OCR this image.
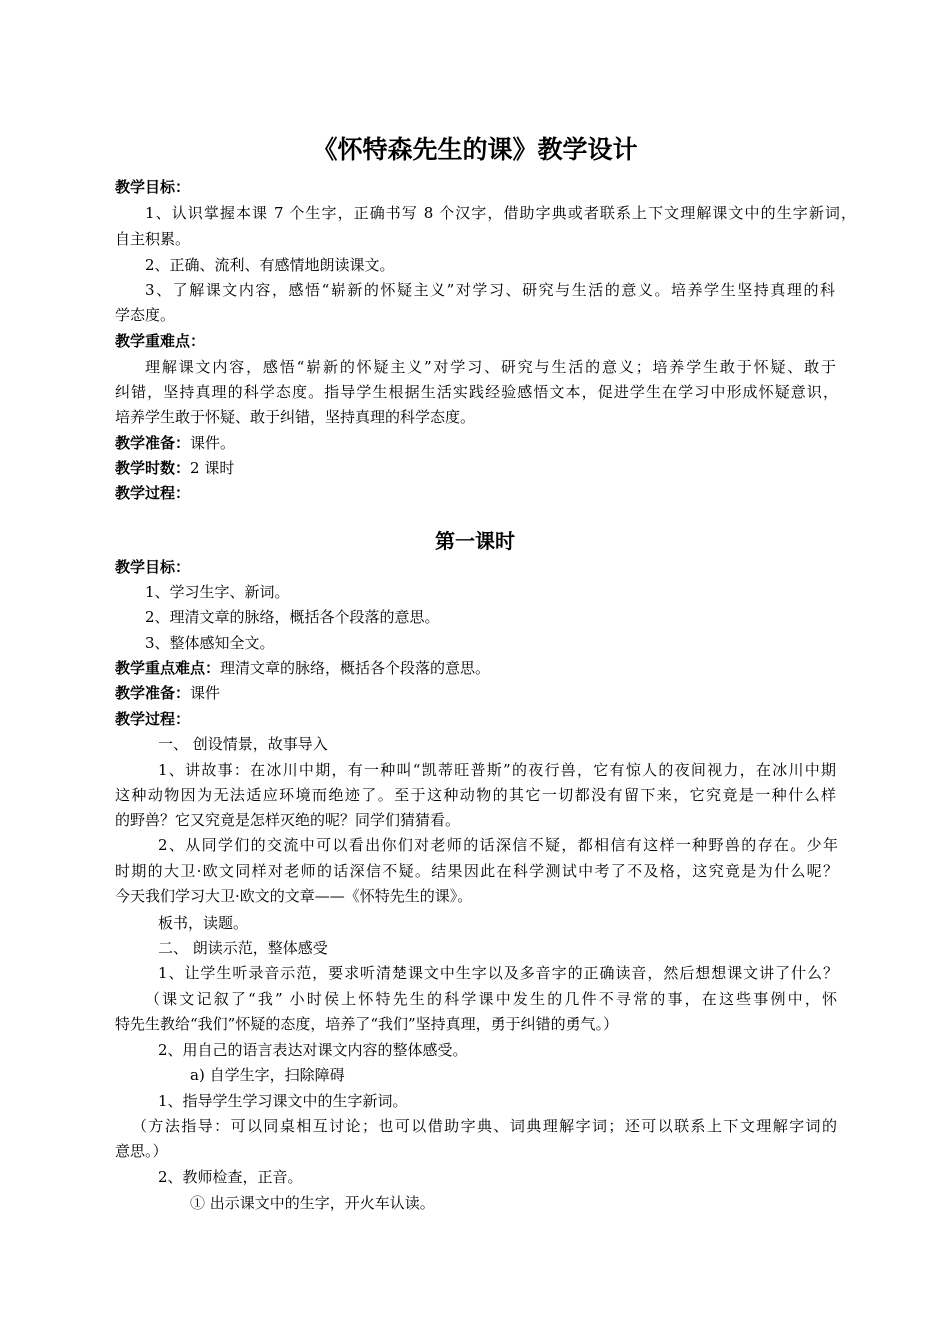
《怀特森先生的课》教学设计
第一课时
教学目标：
1、认识掌握本课 7 个生字，正确书写 8 个汉字，借助字典或者联系上下文理解课文中的生字新词，
自主积累。
2、正确、流利、有感情地朗读课文。
3、了解课文内容，感悟“崭新的怀疑主义”对学习、研究与生活的意义。培养学生坚持真理的科
学态度。
教学重难点：
理解课文内容，感悟“崭新的怀疑主义”对学习、研究与生活的意义；培养学生敢于怀疑、敢于
纠错，坚持真理的科学态度。指导学生根据生活实践经验感悟文本，促进学生在学习中形成怀疑意识，
培养学生敢于怀疑、敢于纠错，坚持真理的科学态度。
教学准备：课件。
教学时数：2 课时
教学过程：
教学目标：
1、学习生字、新词。
2、理清文章的脉络，概括各个段落的意思。
3、整体感知全文。
教学重点难点：理清文章的脉络，概括各个段落的意思。
教学准备：课件
教学过程：
一、 创设情景，故事导入
1、讲故事：在冰川中期，有一种叫“凯蒂旺普斯”的夜行兽，它有惊人的夜间视力，在冰川中期
这种动物因为无法适应环境而绝迹了。至于这种动物的其它一切都没有留下来，它究竟是一种什么样
的野兽？它又究竟是怎样灭绝的呢？同学们猜猜看。
2、从同学们的交流中可以看出你们对老师的话深信不疑，都相信有这样一种野兽的存在。少年
时期的大卫·欧文同样对老师的话深信不疑。结果因此在科学测试中考了不及格，这究竟是为什么呢？
今天我们学习大卫·欧文的文章——《怀特先生的课》。
板书，读题。
二、 朗读示范，整体感受
1、让学生听录音示范，要求听清楚课文中生字以及多音字的正确读音，然后想想课文讲了什么？
（课文记叙了“我” 小时侯上怀特先生的科学课中发生的几件不寻常的事，在这些事例中，怀
特先生教给“我们”怀疑的态度，培养了“我们”坚持真理，勇于纠错的勇气。）
2、用自己的语言表达对课文内容的整体感受。
a) 自学生字，扫除障碍
1、指导学生学习课文中的生字新词。
（方法指导：可以同桌相互讨论；也可以借助字典、词典理解字词；还可以联系上下文理解字词的
意思。）
2、教师检查，正音。
① 出示课文中的生字，开火车认读。
